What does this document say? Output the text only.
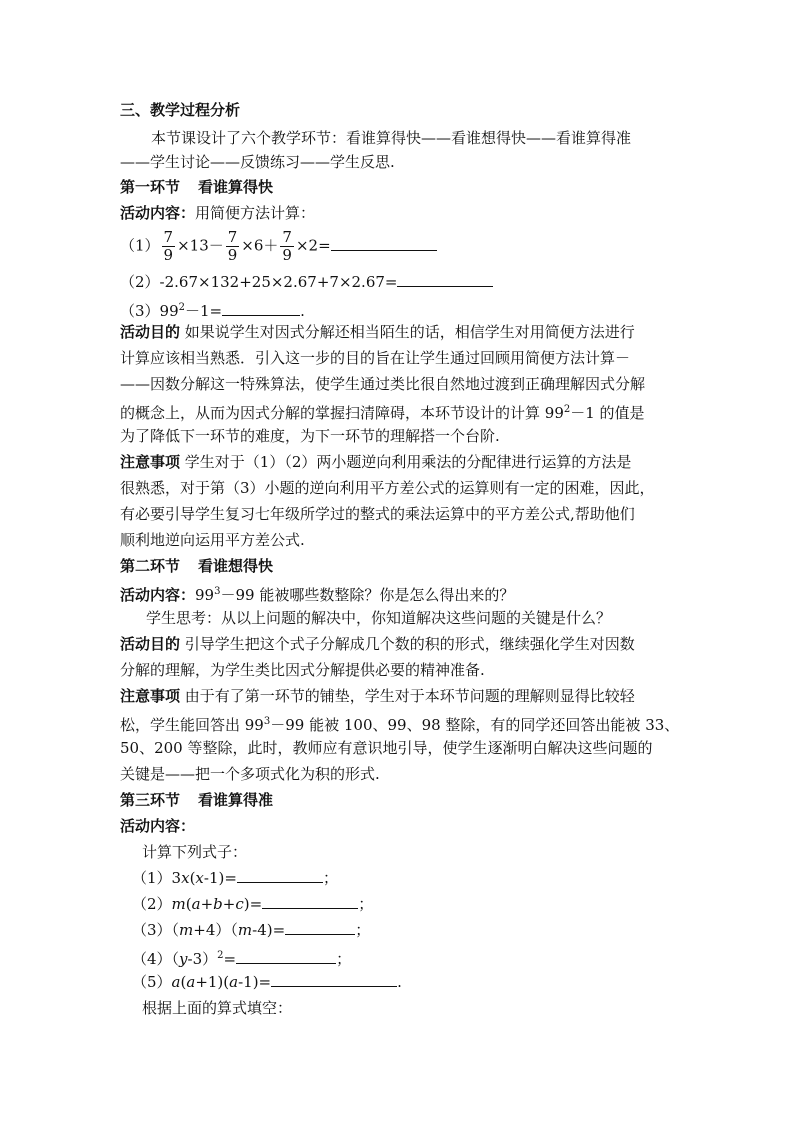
三、教学过程分析
本节课设计了六个教学环节：看谁算得快——看谁想得快——看谁算得准
——学生讨论——反馈练习——学生反思.
第一环节 看谁算得快
活动内容：用简便方法计算：
$(1) \frac{7}{9} \times 13- \frac{7}{9} \times 6+ \frac{7}{9} \times 2=$
（2）-2.67×132+25×2.67+7×2.67=
$(3)99^2-1=$	.
活动目的 如果说学生对因式分解还相当陌生的话，相信学生对用简便方法进行
计算应该相当熟悉．引入这一步的目的旨在让学生通过回顾用简便方法计算－
——因数分解这一特殊算法，使学生通过类比很自然地过渡到正确理解因式分解
的概念上，从而为因式分解的掌握扫清障碍，本环节设计的计算 $99^2-1$ 的值是
为了降低下一环节的难度，为下一环节的理解搭一个台阶.
注意事项 学生对于（1）（2）两小题逆向利用乘法的分配律进行运算的方法是
很熟悉，对于第（3）小题的逆向利用平方差公式的运算则有一定的困难，因此，
有必要引导学生复习七年级所学过的整式的乘法运算中的平方差公式,帮助他们
顺利地逆向运用平方差公式.
第二环节 看谁想得快
活动内容：$99^3-99$ 能被哪些数整除？你是怎么得出来的？
学生思考：从以上问题的解决中，你知道解决这些问题的关键是什么？
活动目的 引导学生把这个式子分解成几个数的积的形式，继续强化学生对因数
分解的理解，为学生类比因式分解提供必要的精神准备.
注意事项 由于有了第一环节的铺垫，学生对于本环节问题的理解则显得比较轻
松，学生能回答出 $99^3-99$ 能被 100、99、98 整除，有的同学还回答出能被 33、
50、200 等整除，此时，教师应有意识地引导，使学生逐渐明白解决这些问题的
关键是——把一个多项式化为积的形式.
第三环节 看谁算得准
活动内容：
计算下列式子：
（1）3x(x-1)=	；
（2）m(a+b+c)=	；
（3）（m+4）（m-4)=	；
$(4)(y-3)^2=$	；
（5）a(a+1)(a-1)=	.
根据上面的算式填空：
